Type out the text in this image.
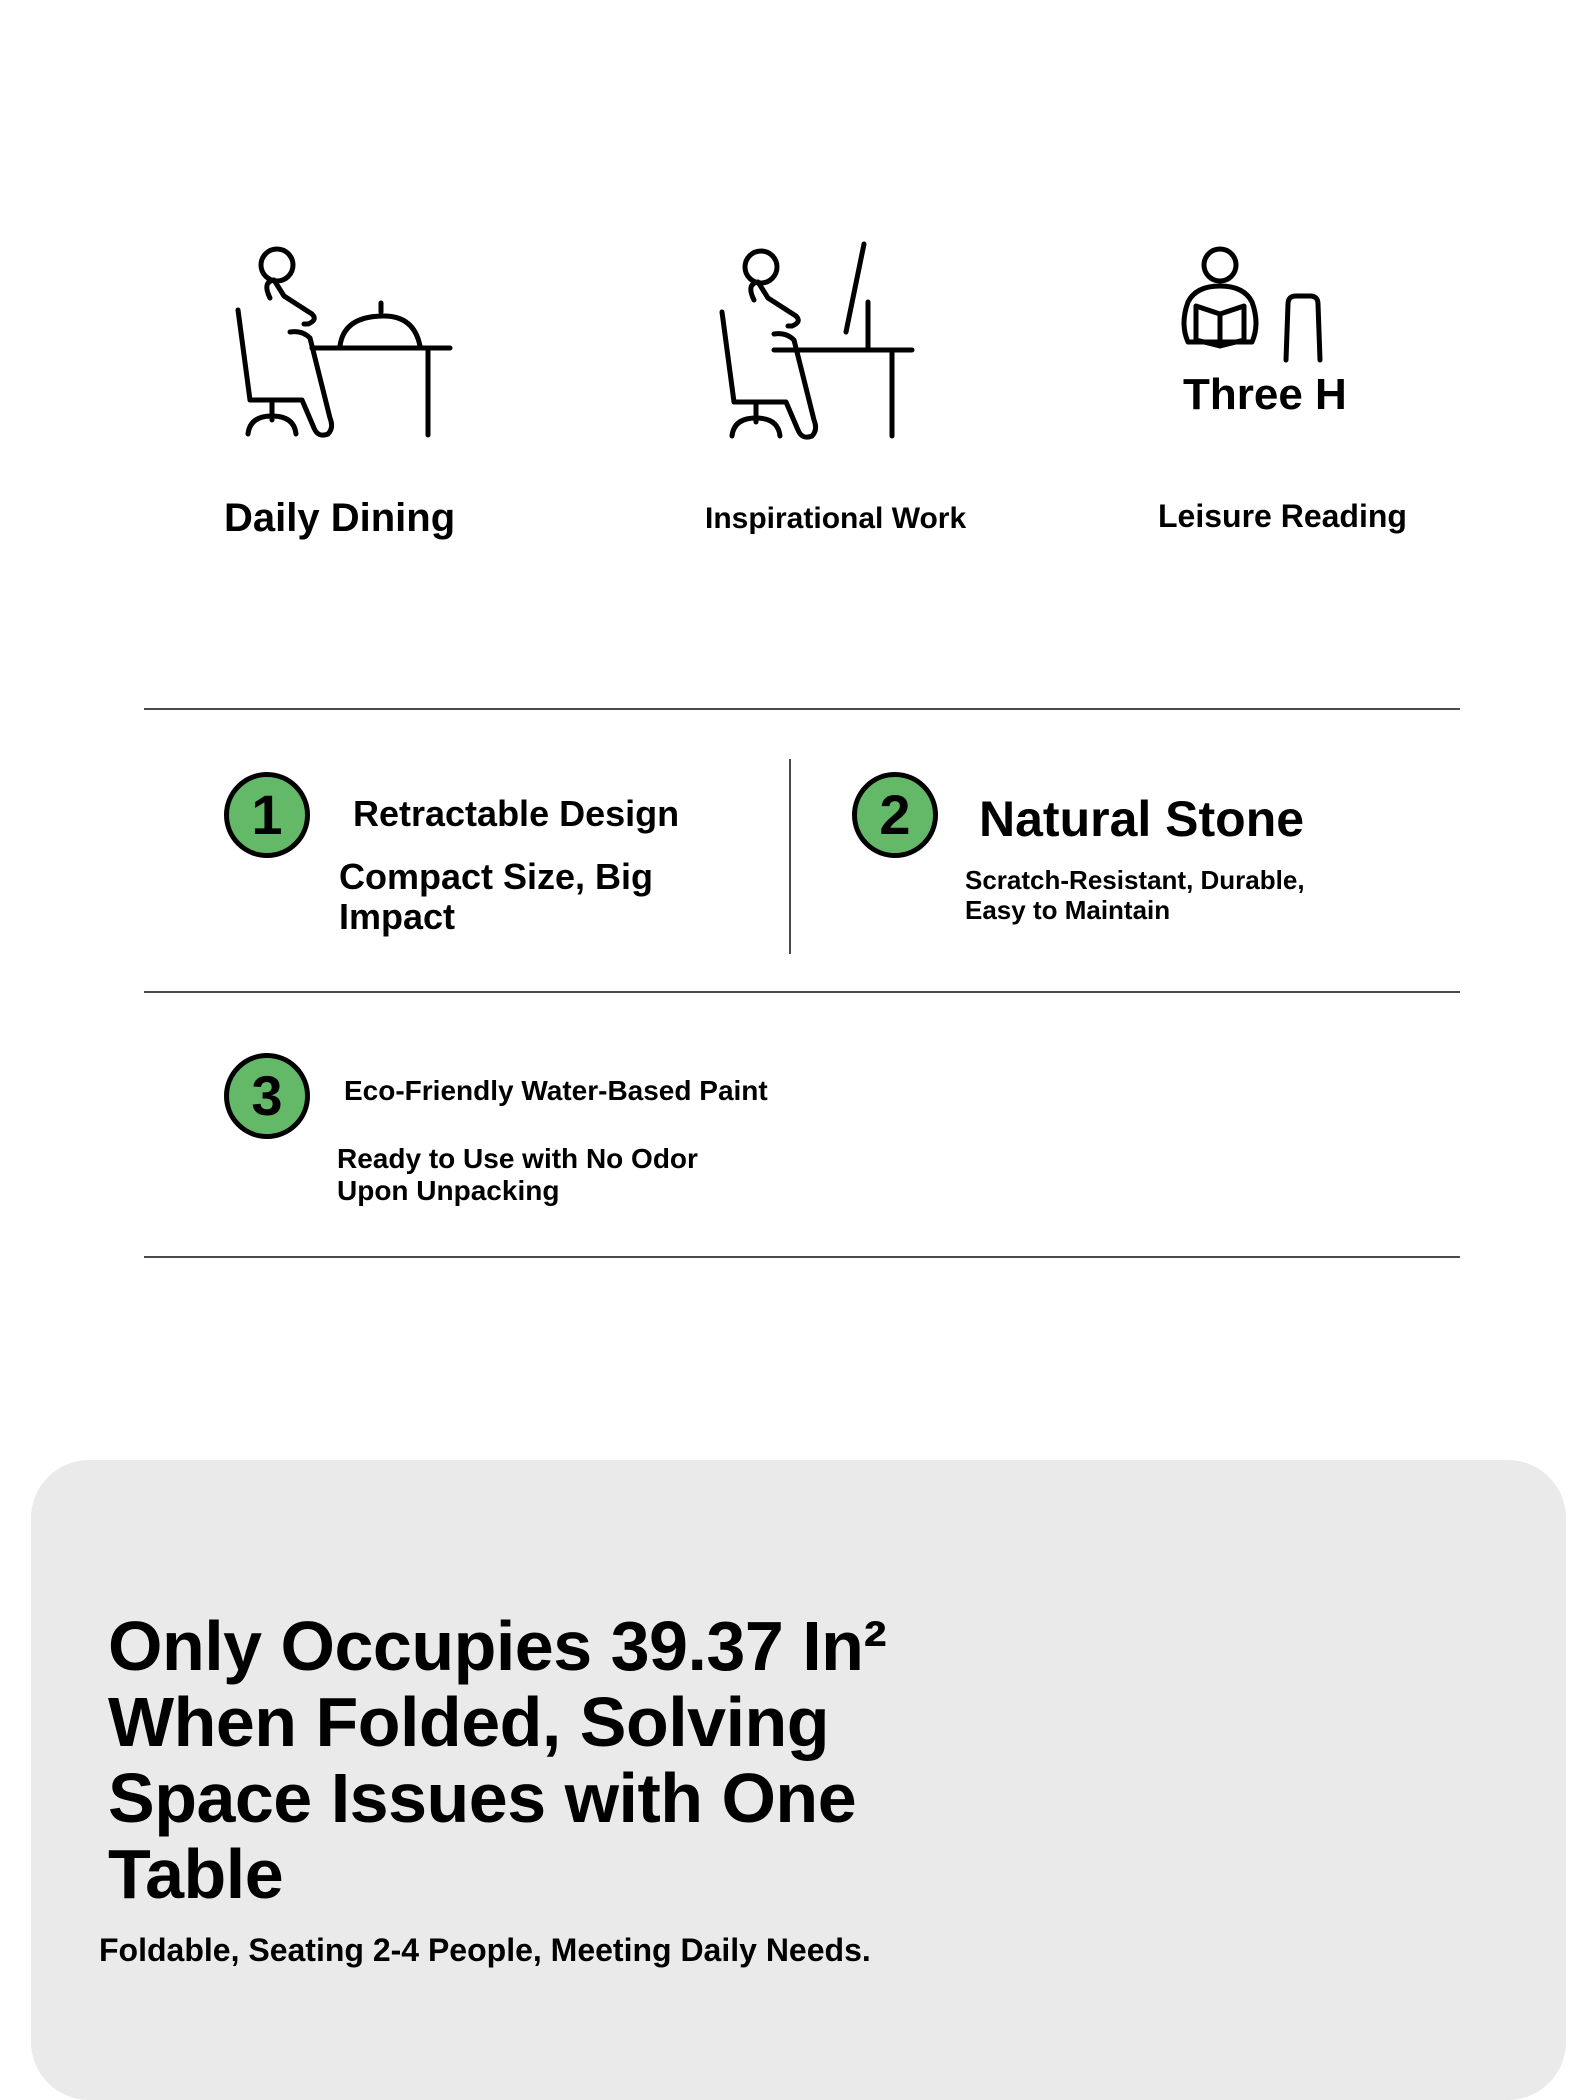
Three H
Daily Dining	Inspirational Work	Leisure Reading
1	Retractable Design
Compact Size, Big Impact
2	Natural Stone
Scratch-Resistant, Durable, Easy to Maintain
3	Eco-Friendly Water-Based Paint
Ready to Use with No Odor Upon Unpacking
Only Occupies 39.37 In² When Folded, Solving Space Issues with One Table
Foldable, Seating 2-4 People, Meeting Daily Needs.
